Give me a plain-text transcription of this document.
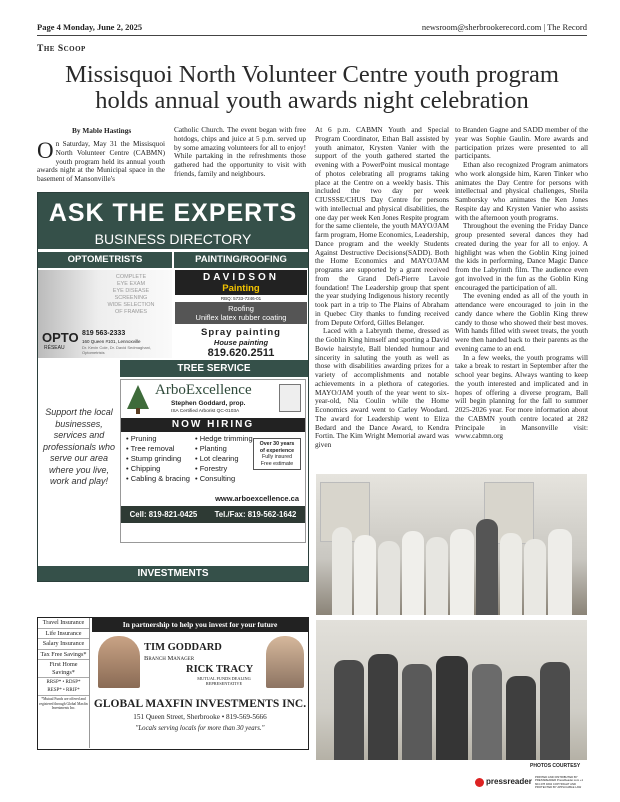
Page 4 Monday, June 2, 2025	newsroom@sherbrookerecord.com | The Record
The Scoop
Missisquoi North Volunteer Centre youth program holds annual youth awards night celebration
By Mable Hastings
On Saturday, May 31 the Missisquoi North Volunteer Centre (CABMN) youth program held its annual youth awards night at the Municipal space in the basement of Mansonville's
Catholic Church. The event began with free hotdogs, chips and juice at 5 p.m. served up by some amazing volunteers for all to enjoy! While partaking in the refreshments those gathered had the opportunity to visit with friends, family and neighbours.

At 6 p.m. CABMN Youth and Special Program Coordinator, Ethan Ball assisted by youth animator, Krysten Vanier with the support of the youth gathered started the evening with a PowerPoint musical montage of photos celebrating all programs taking place at the Centre on a weekly basis. This included the two day per week CIUSSSE/CHUS Day Centre for persons with intellectual and physical disabilities, the one day per week Ken Jones Respite program for the same clientele, the youth MAYO/JAM farm program, Home Economics, Leadership, Dance program and the weekly Students Against Destructive Decisions(SADD). Both the Home Economics and MAYO/JAM programs are supported by a grant received from the Grand Defi-Pierre Lavoie foundation! The Leadership group that spent the year studying Indigenous history recently took part in a trip to The Plains of Abraham in Quebec City thanks to funding received from Depute Orford, Gilles Belanger.

Laced with a Labrynth theme, dressed as the Goblin King himself and sporting a David Bowie hairstyle, Ball blended humour and sincerity in saluting the youth as well as those with disabilities awarding prizes for a variety of accomplishments and notable achievements in a plethora of categories. MAYO/JAM youth of the year went to six-year-old, Nia Coulin while the Home Economics award went to Carley Woodard. The award for Leadership went to Eliza Bedard and the Dance Award, to Kendra Fortin. The Kim Wright Memorial award was given

to Branden Gagne and SADD member of the year was Sophie Gaulin. More awards and participation prizes were presented to all participants.

Ethan also recognized Program animators who work alongside him, Karen Tinker who animates the Day Centre for persons with intellectual and physical challenges, Sheila Samborsky who animates the Ken Jones Respite day and Krysten Vanier who assists with the afternoon youth programs.

Throughout the evening the Friday Dance group presented several dances they had created during the year for all to enjoy. A highlight was when the Goblin King joined the kids in performing, Dance Magic Dance from the Labyrinth film. The audience even got involved in the fun as the Goblin King encouraged the participation of all.

The evening ended as all of the youth in attendance were encouraged to join in the candy dance where the Goblin King threw candy to those who showed their best moves. With hands filled with sweet treats, the youth were then handed back to their parents as the evening came to an end.

In a few weeks, the youth programs will take a break to restart in September after the school year begins. Always wanting to keep the youth interested and implicated and in hopes of offering a diverse program, Ball will begin planning for the fall to summer 2025-2026 year. For more information about the CABMN youth centre located at 282 Principale in Mansonville visit: www.cabmn.org

ASK THE EXPERTS
BUSINESS DIRECTORY
OPTOMETRISTS	PAINTING/ROOFING
COMPLETE
EYE EXAM
EYE DISEASE
SCREENING
WIDE SELECTION
OF FRAMES
OPTO
RÉSEAU
819 563-2333
160 Queen #101, Lennoxville
Dr. Kevin Cole, Dr. David Sedmaghani, Optometrists
DAVIDSON
Painting
RBQ: 5733-7246-01
Roofing
Uniflex latex rubber coating
Spray painting
House painting
819.620.2511
TREE SERVICE
Support the local businesses, services and professionals who serve our area where you live, work and play!
ArboExcellence
Stephen Goddard, prop.
ISA Certified Arborist QC-0103A
NOW HIRING
• Pruning
• Tree removal
• Stump grinding
• Chipping
• Cabling & bracing
• Hedge trimming
• Planting
• Lot clearing
• Forestry
• Consulting
Over 30 years
of experience
Fully insured
Free estimate
www.arboexcellence.ca
Cell: 819-821-0425 Tel./Fax: 819-562-1642
INVESTMENTS
Travel Insurance
Life Insurance
Salary Insurance
Tax Free Savings*
First Home Savings*
RRSP* • RDSP* RESP* • RRIF*
*Mutual Funds are offered and registered through Global Maxfin Investments Inc.
In partnership to help you invest for your future
TIM GODDARD
Branch Manager
RICK TRACY
MUTUAL FUNDS DEALING REPRESENTATIVE
GLOBAL MAXFIN INVESTMENTS INC.
151 Queen Street, Sherbrooke • 819-569-5666
"Locals serving locals for more than 30 years."
PHOTOS COURTESY
pressreader PRINTED AND DISTRIBUTED BY PRESSREADER PressReader.com +1 604 278 4604 COPYRIGHT AND PROTECTED BY APPLICABLE LAW
